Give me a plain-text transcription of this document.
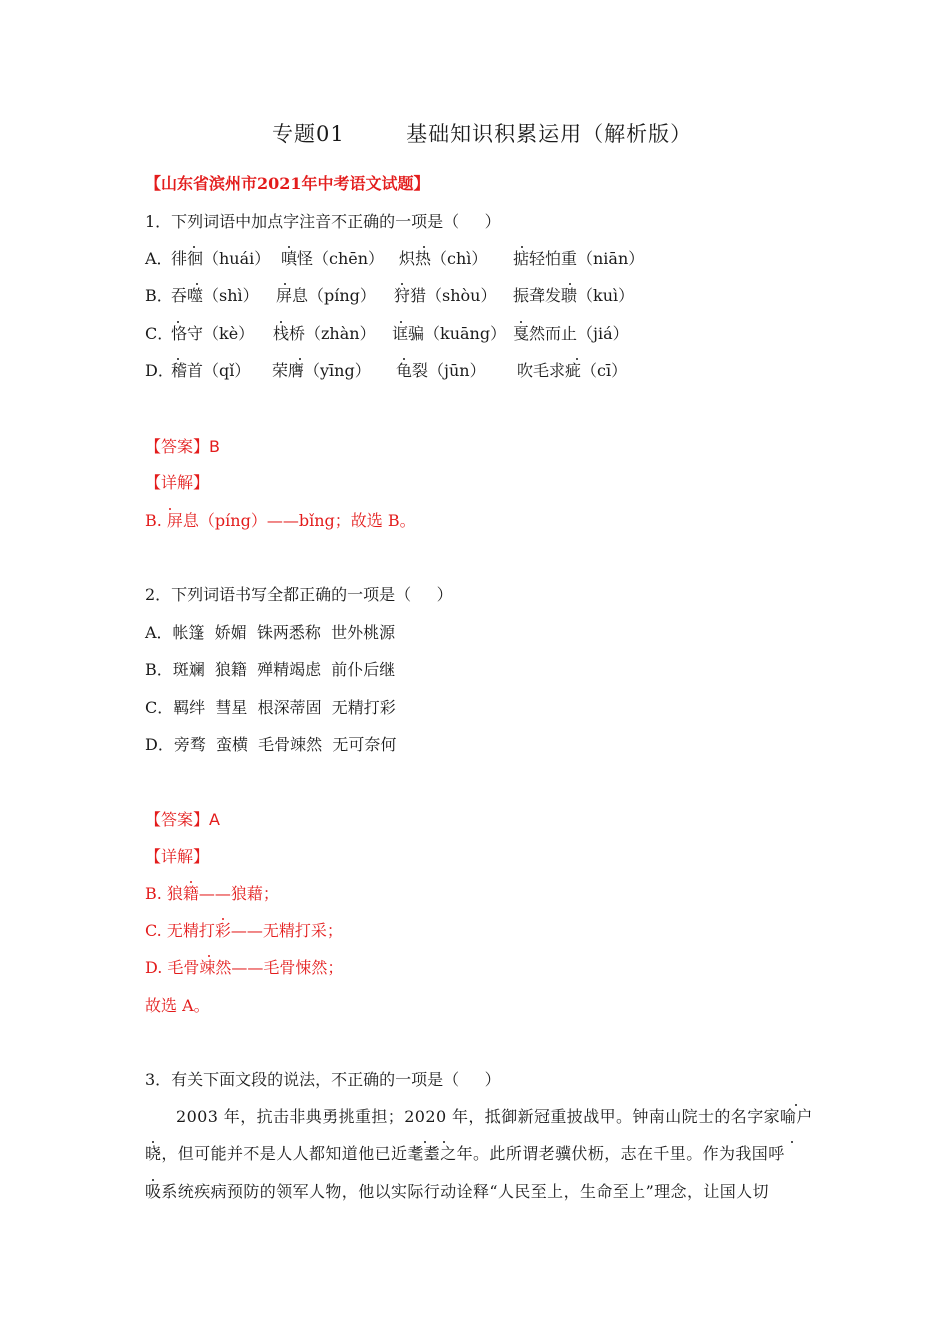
专题01        基础知识积累运用（解析版）
【山东省滨州市2021年中考语文试题】
1．下列词语中加点字注音不正确的一项是（     ）
A．
徘徊（huái） 嗔怪（chēn） 炽热（chì） 掂轻怕重（niān）
B．
吞噬（shì） 屏息（píng） 狩猎（shòu） 振聋发聩（kuì）
C．
恪守（kè） 栈桥（zhàn） 诓骗（kuāng） 戛然而止（jiá）
D．
稽首（qǐ） 荣膺（yīng） 龟裂（jūn） 吹毛求疵（cī）
【答案】B
【详解】
B. 屏息（píng）——bǐng；故选 B。
2．下列词语书写全都正确的一项是（     ）
A．帐篷  娇媚  铢两悉称  世外桃源
B．斑斓  狼籍  殚精竭虑  前仆后继
C．羁绊  彗星  根深蒂固  无精打彩
D．旁骛  蛮横  毛骨竦然  无可奈何
【答案】A
【详解】
B. 狼籍——狼藉；
C. 无精打彩——无精打采；
D. 毛骨竦然——毛骨悚然；
故选 A。
3．有关下面文段的说法，不正确的一项是（     ）
2003 年，抗击非典勇挑重担；2020 年，抵御新冠重披战甲。钟南山院士的名字家喻户
晓，但可能并不是人人都知道他已近耄耋之年。此所谓老骥伏枥，志在千里。作为我国呼
吸系统疾病预防的领军人物，他以实际行动诠释“人民至上，生命至上”理念，让国人切
